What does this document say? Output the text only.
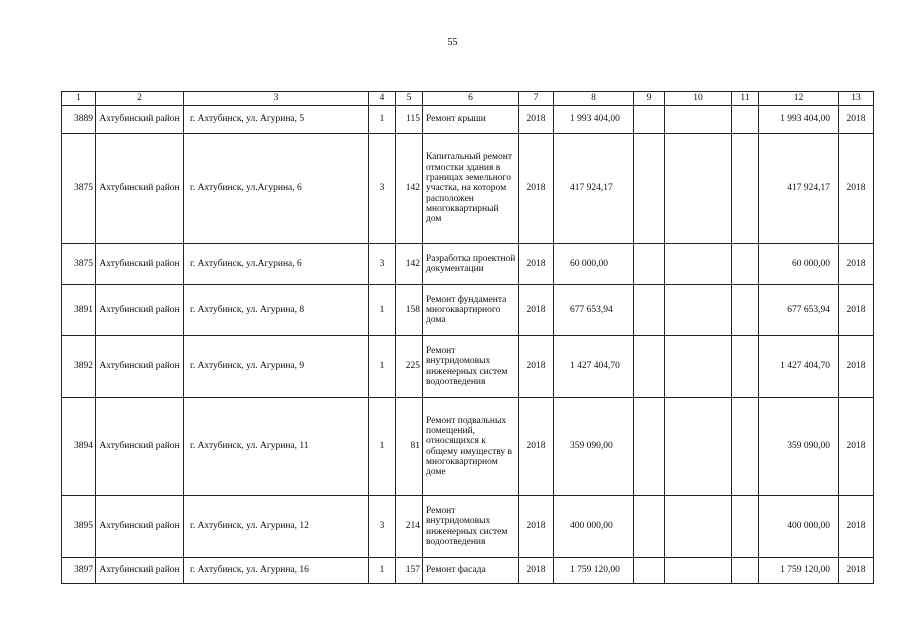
55
1	2	3	4	5	6	7	8	9	10	11	12	13
3889	Ахтубинский район	г. Ахтубинск, ул. Агурина, 5	1	115	Ремонт крыши	2018	1 993 404,00				1 993 404,00	2018
3875	Ахтубинский район	г. Ахтубинск, ул.Агурина, 6	3	142	Капитальный ремонт отмостки здания в границах земельного участка, на котором расположен многоквартирный дом	2018	417 924,17				417 924,17	2018
3875	Ахтубинский район	г. Ахтубинск, ул.Агурина, 6	3	142	Разработка проектной документации	2018	60 000,00				60 000,00	2018
3891	Ахтубинский район	г. Ахтубинск, ул. Агурина, 8	1	158	Ремонт фундамента многоквартирного дома	2018	677 653,94				677 653,94	2018
3892	Ахтубинский район	г. Ахтубинск, ул. Агурина, 9	1	225	Ремонт внутридомовых инженерных систем водоотведения	2018	1 427 404,70				1 427 404,70	2018
3894	Ахтубинский район	г. Ахтубинск, ул. Агурина, 11	1	81	Ремонт подвальных помещений, относящихся к общему имуществу в многоквартирном доме	2018	359 090,00				359 090,00	2018
3895	Ахтубинский район	г. Ахтубинск, ул. Агурина, 12	3	214	Ремонт внутридомовых инженерных систем водоотведения	2018	400 000,00				400 000,00	2018
3897	Ахтубинский район	г. Ахтубинск, ул. Агурина, 16	1	157	Ремонт фасада	2018	1 759 120,00				1 759 120,00	2018
